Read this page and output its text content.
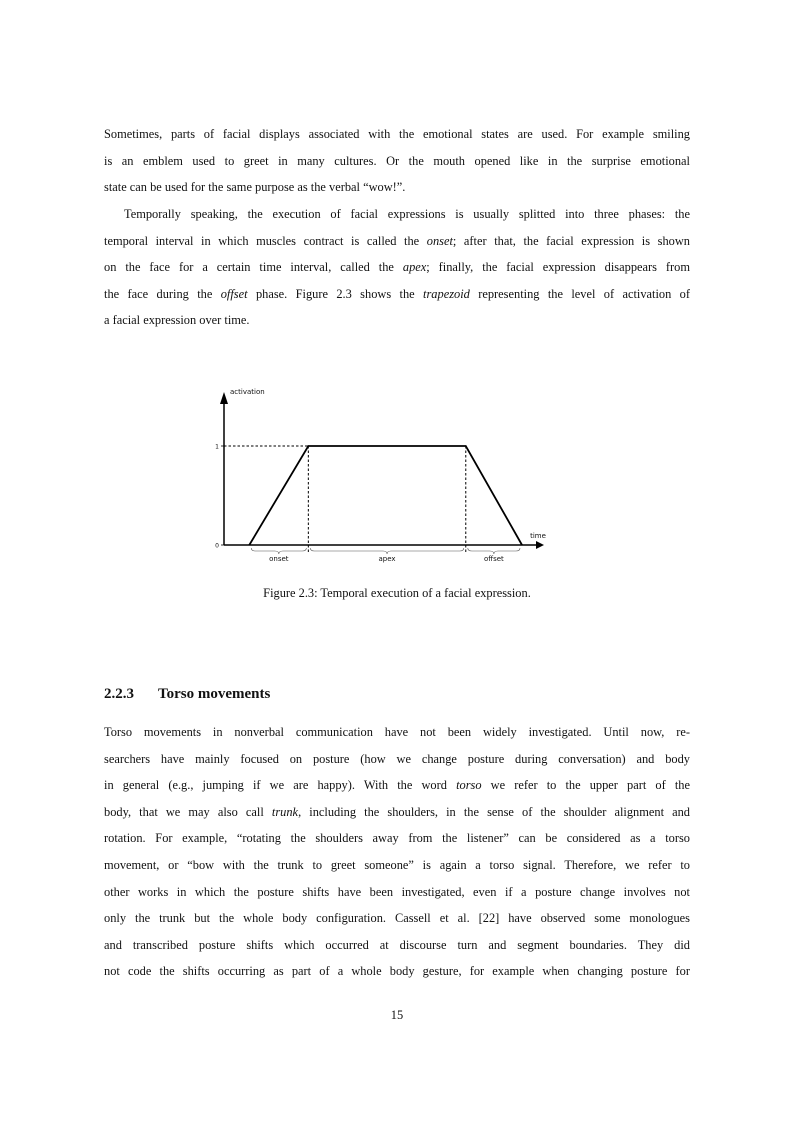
Sometimes, parts of facial displays associated with the emotional states are used. For example smiling
is an emblem used to greet in many cultures. Or the mouth opened like in the surprise emotional
state can be used for the same purpose as the verbal “wow!”.
Temporally speaking, the execution of facial expressions is usually splitted into three phases: the
temporal interval in which muscles contract is called the onset; after that, the facial expression is shown
on the face for a certain time interval, called the apex; finally, the facial expression disappears from
the face during the offset phase. Figure 2.3 shows the trapezoid representing the level of activation of
a facial expression over time.
activation
time
0
1
onset	apex	offset
Figure 2.3: Temporal execution of a facial expression.
2.2.3 Torso movements
Torso movements in nonverbal communication have not been widely investigated. Until now, re-
searchers have mainly focused on posture (how we change posture during conversation) and body
in general (e.g., jumping if we are happy). With the word torso we refer to the upper part of the
body, that we may also call trunk, including the shoulders, in the sense of the shoulder alignment and
rotation. For example, “rotating the shoulders away from the listener” can be considered as a torso
movement, or “bow with the trunk to greet someone” is again a torso signal. Therefore, we refer to
other works in which the posture shifts have been investigated, even if a posture change involves not
only the trunk but the whole body configuration. Cassell et al. [22] have observed some monologues
and transcribed posture shifts which occurred at discourse turn and segment boundaries. They did
not code the shifts occurring as part of a whole body gesture, for example when changing posture for
15
